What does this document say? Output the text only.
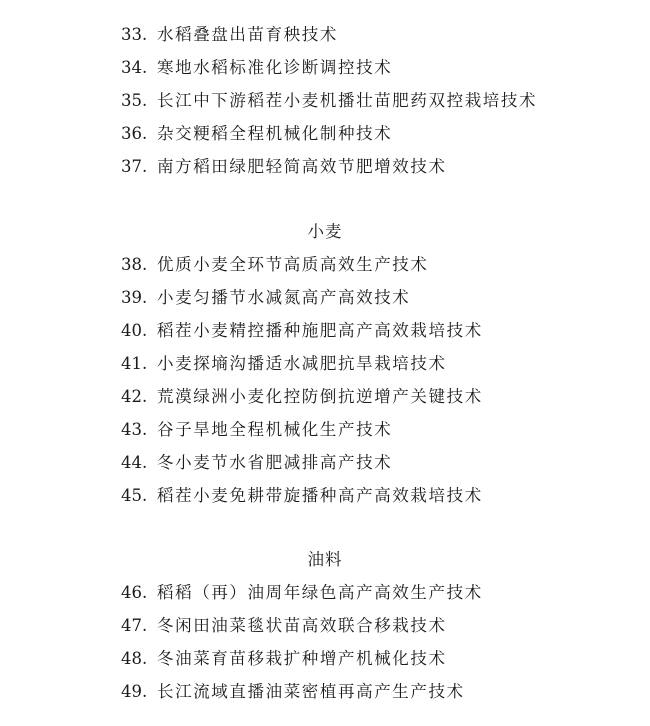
33. 水稻叠盘出苗育秧技术
34. 寒地水稻标准化诊断调控技术
35. 长江中下游稻茬小麦机播壮苗肥药双控栽培技术
36. 杂交粳稻全程机械化制种技术
37. 南方稻田绿肥轻简高效节肥增效技术
小麦
38. 优质小麦全环节高质高效生产技术
39. 小麦匀播节水减氮高产高效技术
40. 稻茬小麦精控播种施肥高产高效栽培技术
41. 小麦探墒沟播适水减肥抗旱栽培技术
42. 荒漠绿洲小麦化控防倒抗逆增产关键技术
43. 谷子旱地全程机械化生产技术
44. 冬小麦节水省肥减排高产技术
45. 稻茬小麦免耕带旋播种高产高效栽培技术
油料
46. 稻稻（再）油周年绿色高产高效生产技术
47. 冬闲田油菜毯状苗高效联合移栽技术
48. 冬油菜育苗移栽扩种增产机械化技术
49. 长江流域直播油菜密植再高产生产技术
